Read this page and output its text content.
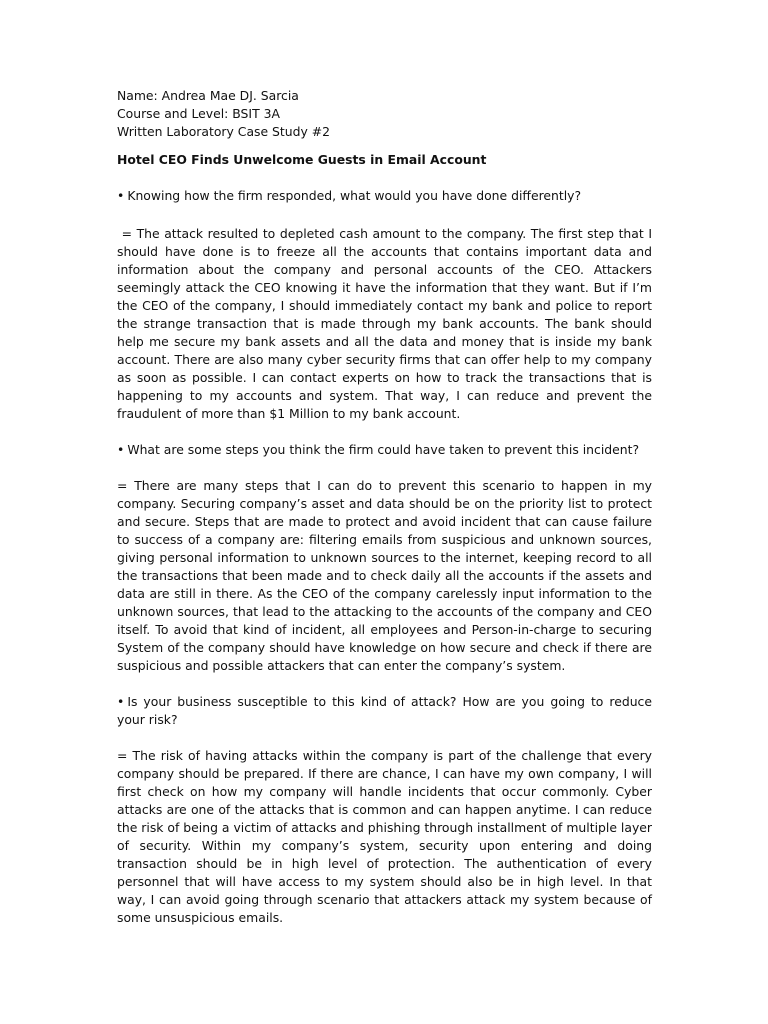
Name: Andrea Mae DJ. Sarcia

Course and Level: BSIT 3A

Written Laboratory Case Study #2

Hotel CEO Finds Unwelcome Guests in Email Account

• Knowing how the firm responded, what would you have done differently?

= The attack resulted to depleted cash amount to the company. The first step that I should have done is to freeze all the accounts that contains important data and information about the company and personal accounts of the CEO. Attackers seemingly attack the CEO knowing it have the information that they want. But if I’m the CEO of the company, I should immediately contact my bank and police to report the strange transaction that is made through my bank accounts. The bank should help me secure my bank assets and all the data and money that is inside my bank account. There are also many cyber security firms that can offer help to my company as soon as possible. I can contact experts on how to track the transactions that is happening to my accounts and system. That way, I can reduce and prevent the fraudulent of more than $1 Million to my bank account.

• What are some steps you think the firm could have taken to prevent this incident?

= There are many steps that I can do to prevent this scenario to happen in my company. Securing company’s asset and data should be on the priority list to protect and secure. Steps that are made to protect and avoid incident that can cause failure to success of a company are: filtering emails from suspicious and unknown sources, giving personal information to unknown sources to the internet, keeping record to all the transactions that been made and to check daily all the accounts if the assets and data are still in there. As the CEO of the company carelessly input information to the unknown sources, that lead to the attacking to the accounts of the company and CEO itself. To avoid that kind of incident, all employees and Person-in-charge to securing System of the company should have knowledge on how secure and check if there are suspicious and possible attackers that can enter the company’s system.

• Is your business susceptible to this kind of attack? How are you going to reduce your risk?

= The risk of having attacks within the company is part of the challenge that every company should be prepared. If there are chance, I can have my own company, I will first check on how my company will handle incidents that occur commonly. Cyber attacks are one of the attacks that is common and can happen anytime. I can reduce the risk of being a victim of attacks and phishing through installment of multiple layer of security. Within my company’s system, security upon entering and doing transaction should be in high level of protection. The authentication of every personnel that will have access to my system should also be in high level. In that way, I can avoid going through scenario that attackers attack my system because of some unsuspicious emails.
